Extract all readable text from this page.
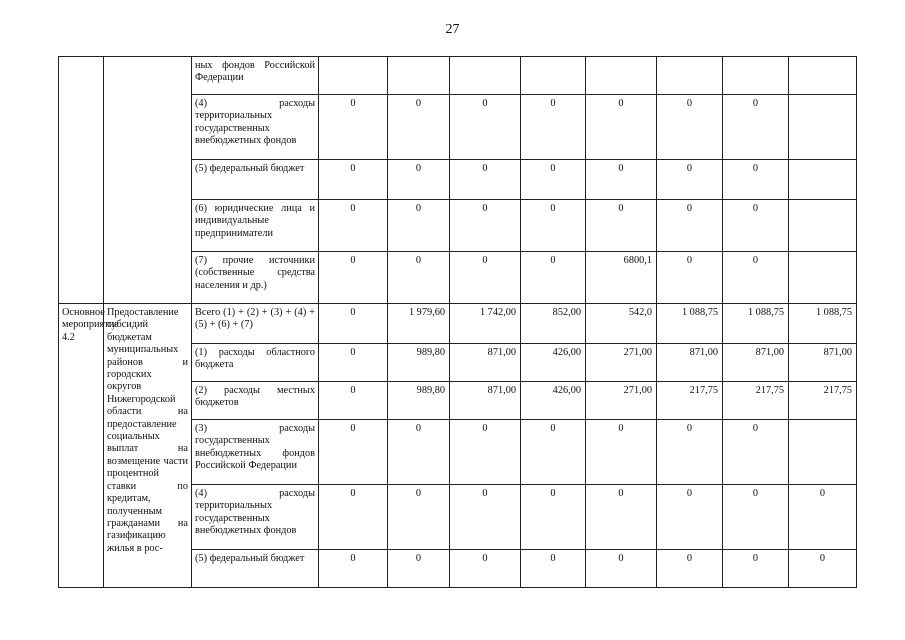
27
		ных фондов Российской Федерации								
		(4) расходы территориальных государственных внебюджетных фондов	0	0	0	0	0	0	0	
		(5) федеральный бюджет	0	0	0	0	0	0	0	
		(6) юридические лица и индивидуальные предприниматели	0	0	0	0	0	0	0	
		(7) прочие источники (собственные средства населения и др.)	0	0	0	0	6800,1	0	0	
Основное мероприятие 4.2	Предоставление субсидий бюджетам муниципальных районов и городских округов Нижегородской области на предоставление социальных выплат на возмещение части процентной ставки по кредитам, полученным гражданами на газификацию жилья в рос-	Всего (1) + (2) + (3) + (4) + (5) + (6) + (7)	0	1 979,60	1 742,00	852,00	542,0	1 088,75	1 088,75	1 088,75
		(1) расходы областного бюджета	0	989,80	871,00	426,00	271,00	871,00	871,00	871,00
		(2) расходы местных бюджетов	0	989,80	871,00	426,00	271,00	217,75	217,75	217,75
		(3) расходы государственных внебюджетных фондов Российской Федерации	0	0	0	0	0	0	0	
		(4) расходы территориальных государственных внебюджетных фондов	0	0	0	0	0	0	0	0
		(5) федеральный бюджет	0	0	0	0	0	0	0	0
